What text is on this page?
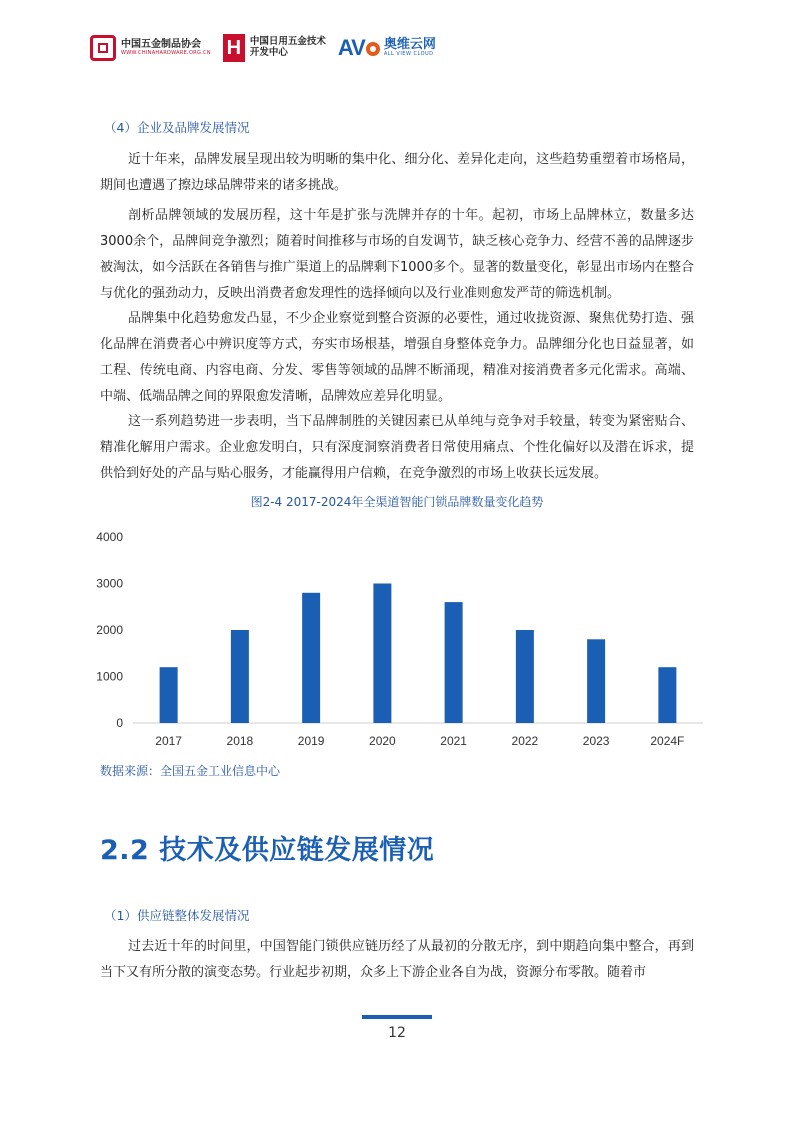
中国五金制品协会
WWW.CHINAHARDWARE.ORG.CN H 中国日用五金技术
开发中心	AV	奥维云网
ALL VIEW CLOUD
（4）企业及品牌发展情况

近十年来，品牌发展呈现出较为明晰的集中化、细分化、差异化走向，这些趋势重塑着市场格局，期间也遭遇了擦边球品牌带来的诸多挑战。

剖析品牌领域的发展历程，这十年是扩张与洗牌并存的十年。起初，市场上品牌林立，数量多达3000余个，品牌间竞争激烈；随着时间推移与市场的自发调节，缺乏核心竞争力、经营不善的品牌逐步被淘汰，如今活跃在各销售与推广渠道上的品牌剩下1000多个。显著的数量变化，彰显出市场内在整合与优化的强劲动力，反映出消费者愈发理性的选择倾向以及行业准则愈发严苛的筛选机制。

品牌集中化趋势愈发凸显，不少企业察觉到整合资源的必要性，通过收拢资源、聚焦优势打造、强化品牌在消费者心中辨识度等方式，夯实市场根基，增强自身整体竞争力。品牌细分化也日益显著，如工程、传统电商、内容电商、分发、零售等领域的品牌不断涌现，精准对接消费者多元化需求。高端、中端、低端品牌之间的界限愈发清晰，品牌效应差异化明显。

这一系列趋势进一步表明，当下品牌制胜的关键因素已从单纯与竞争对手较量，转变为紧密贴合、精准化解用户需求。企业愈发明白，只有深度洞察消费者日常使用痛点、个性化偏好以及潜在诉求，提供恰到好处的产品与贴心服务，才能赢得用户信赖，在竞争激烈的市场上收获长远发展。

图2-4 2017-2024年全渠道智能门锁品牌数量变化趋势
0
1000
2000
3000
4000
2017	2018	2019	2020	2021	2022	2023	2024F
数据来源：全国五金工业信息中心
2.2 技术及供应链发展情况
（1）供应链整体发展情况

过去近十年的时间里，中国智能门锁供应链历经了从最初的分散无序，到中期趋向集中整合，再到当下又有所分散的演变态势。行业起步初期，众多上下游企业各自为战，资源分布零散。随着市

12
